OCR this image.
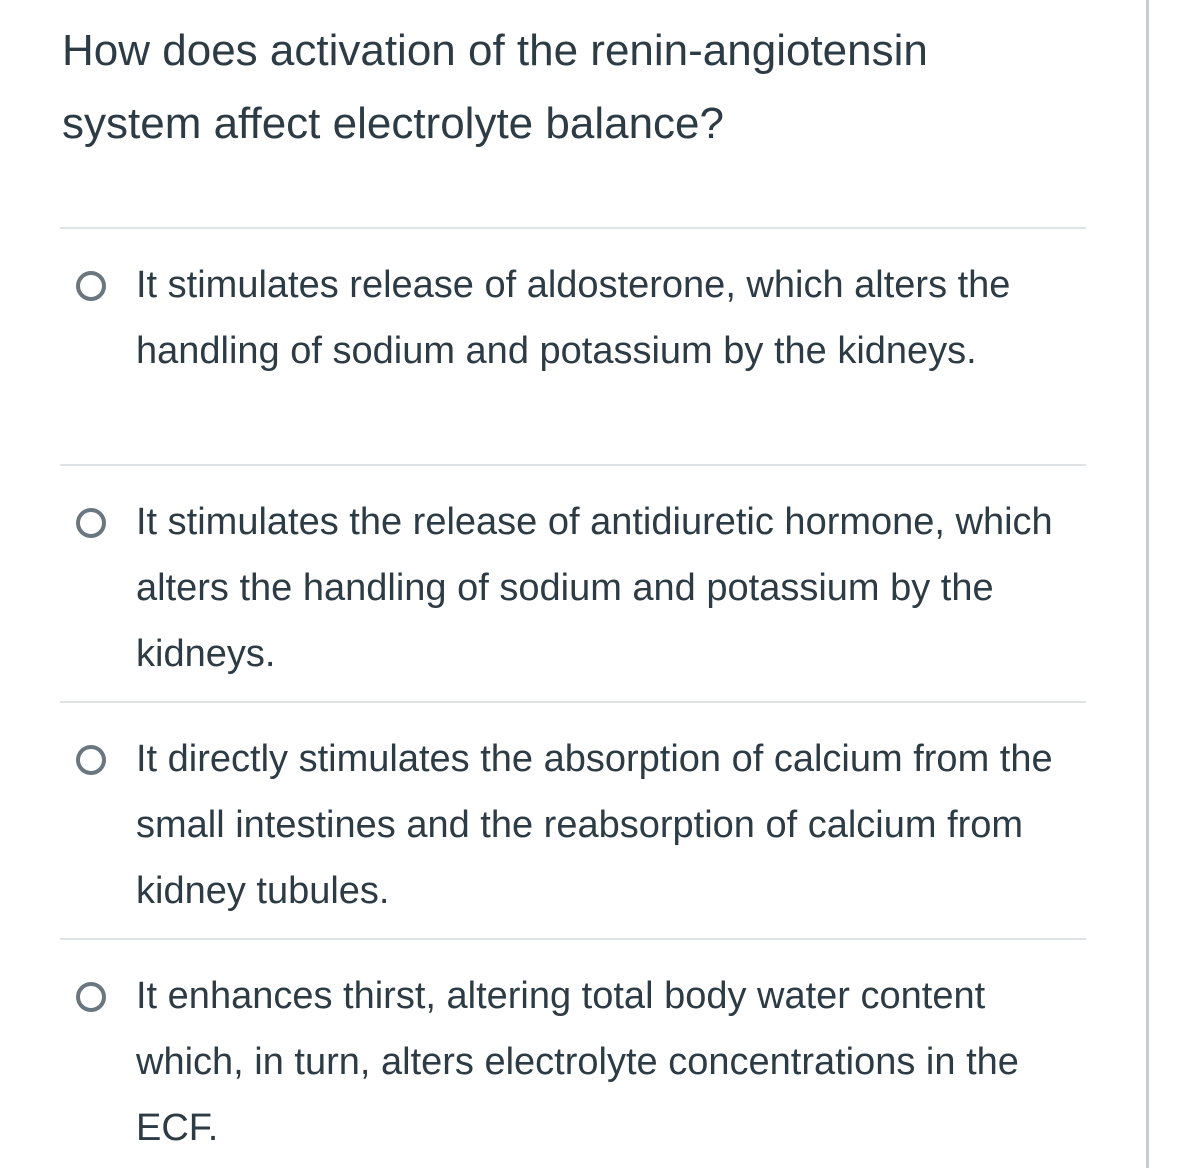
How does activation of the renin-angiotensin system affect electrolyte balance?

It stimulates release of aldosterone, which alters the handling of sodium and potassium by the kidneys.
It stimulates the release of antidiuretic hormone, which alters the handling of sodium and potassium by the kidneys.
It directly stimulates the absorption of calcium from the small intestines and the reabsorption of calcium from kidney tubules.
It enhances thirst, altering total body water content which, in turn, alters electrolyte concentrations in the ECF.
